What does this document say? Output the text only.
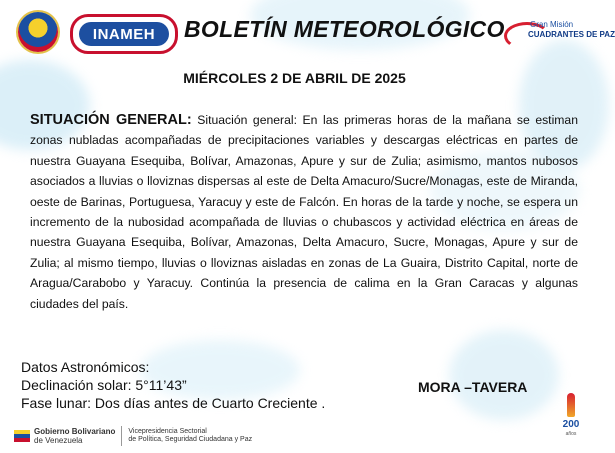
INAMEH	BOLETÍN METEOROLÓGICO	Gran Misión
CUADRANTES DE PAZ
MIÉRCOLES 2 DE ABRIL DE 2025
SITUACIÓN GENERAL: Situación general: En las primeras horas de la mañana se estiman zonas nubladas acompañadas de precipitaciones variables y descargas eléctricas en partes de nuestra Guayana Esequiba, Bolívar, Amazonas, Apure y sur de Zulia; asimismo, mantos nubosos asociados a lluvias o lloviznas dispersas al este de Delta Amacuro/Sucre/Monagas, este de Miranda, oeste de Barinas, Portuguesa, Yaracuy y este de Falcón. En horas de la tarde y noche, se espera un incremento de la nubosidad acompañada de lluvias o chubascos y actividad eléctrica en áreas de nuestra Guayana Esequiba, Bolívar, Amazonas, Delta Amacuro, Sucre, Monagas, Apure y sur de Zulia; al mismo tiempo, lluvias o lloviznas aisladas en zonas de La Guaira, Distrito Capital, norte de Aragua/Carabobo y Yaracuy. Continúa la presencia de calima en la Gran Caracas y algunas ciudades del país.
Datos Astronómicos:
Declinación solar: 5°11’43”
Fase lunar: Dos días antes de Cuarto Creciente .
MORA –TAVERA
Gobierno Bolivariano
de Venezuela
Vicepresidencia Sectorial
de Política, Seguridad Ciudadana y Paz
200
años
